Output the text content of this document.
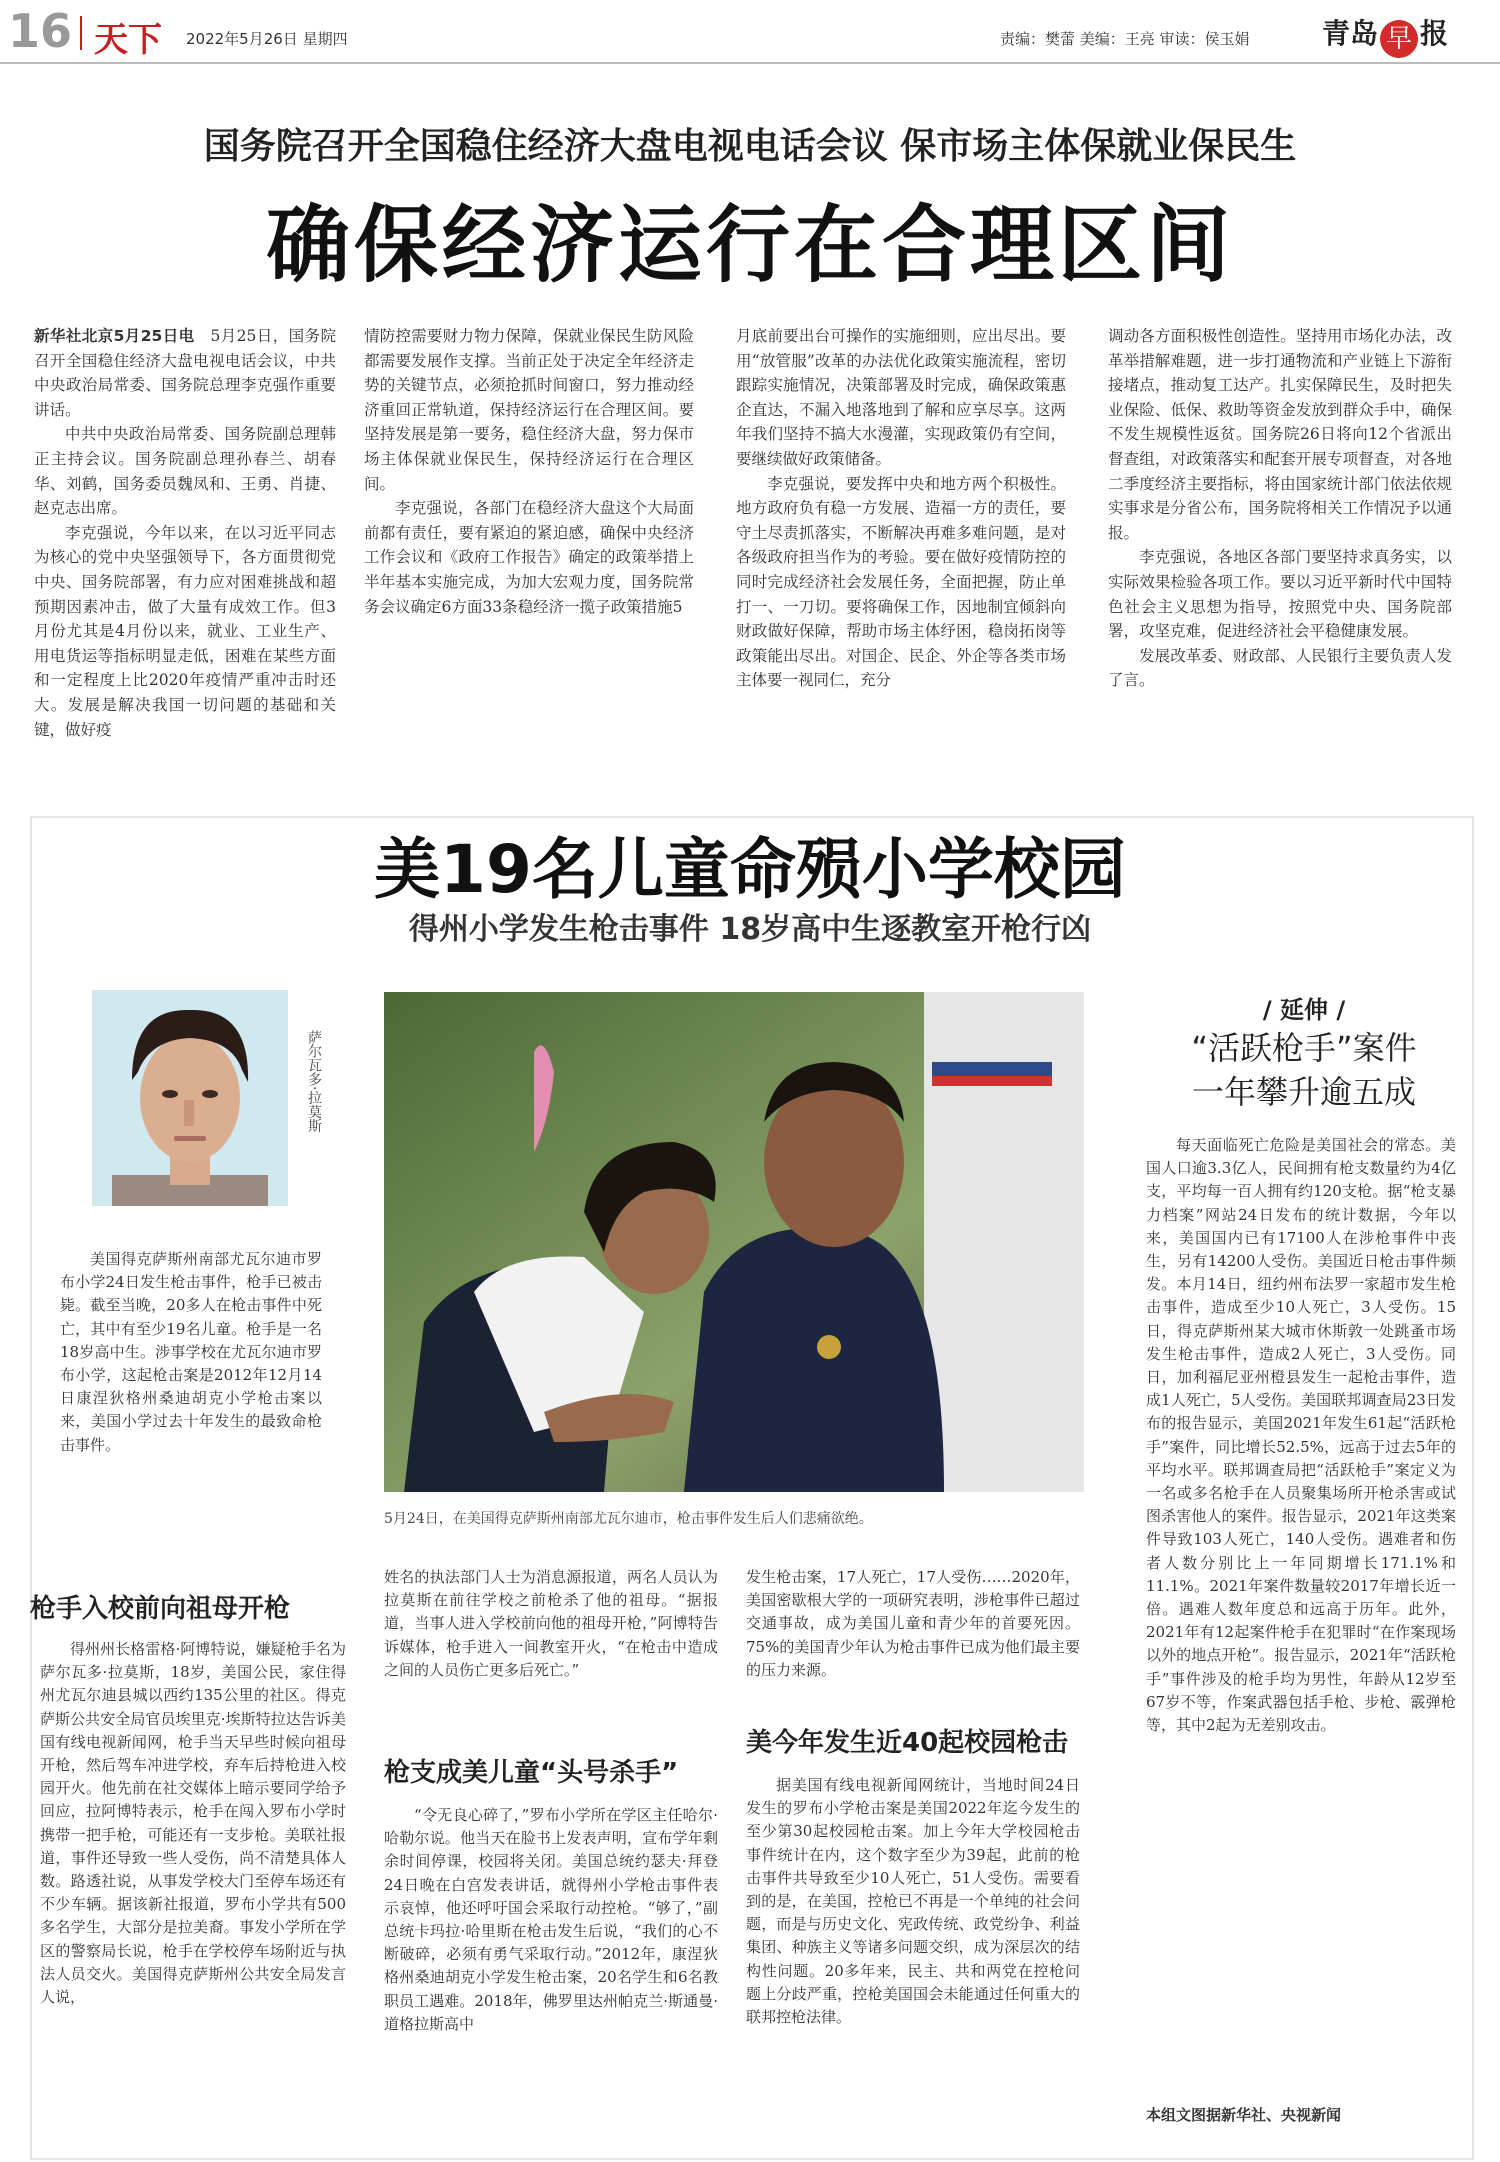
16 天下 2022年5月26日 星期四	责编：樊蕾 美编：王亮 审读：侯玉娟	青岛 早 报
国务院召开全国稳住经济大盘电视电话会议 保市场主体保就业保民生
确保经济运行在合理区间

新华社北京5月25日电　 5月25日，国务院召开全国稳住经济大盘电视电话会议，中共中央政治局常委、国务院总理李克强作重要讲话。

中共中央政治局常委、国务院副总理韩正主持会议。国务院副总理孙春兰、胡春华、刘鹤，国务委员魏凤和、王勇、肖捷、赵克志出席。

李克强说，今年以来，在以习近平同志为核心的党中央坚强领导下，各方面贯彻党中央、国务院部署，有力应对困难挑战和超预期因素冲击，做了大量有成效工作。但3月份尤其是4月份以来，就业、工业生产、用电货运等指标明显走低，困难在某些方面和一定程度上比2020年疫情严重冲击时还大。发展是解决我国一切问题的基础和关键，做好疫

情防控需要财力物力保障，保就业保民生防风险都需要发展作支撑。当前正处于决定全年经济走势的关键节点，必须抢抓时间窗口，努力推动经济重回正常轨道，保持经济运行在合理区间。要坚持发展是第一要务，稳住经济大盘，努力保市场主体保就业保民生，保持经济运行在合理区间。

李克强说，各部门在稳经济大盘这个大局面前都有责任，要有紧迫的紧迫感，确保中央经济工作会议和《政府工作报告》确定的政策举措上半年基本实施完成，为加大宏观力度，国务院常务会议确定6方面33条稳经济一揽子政策措施5

月底前要出台可操作的实施细则，应出尽出。要用“放管服”改革的办法优化政策实施流程，密切跟踪实施情况，决策部署及时完成，确保政策惠企直达，不漏入地落地到了解和应享尽享。这两年我们坚持不搞大水漫灌，实现政策仍有空间，要继续做好政策储备。

李克强说，要发挥中央和地方两个积极性。地方政府负有稳一方发展、造福一方的责任，要守土尽责抓落实，不断解决再难多难问题，是对各级政府担当作为的考验。要在做好疫情防控的同时完成经济社会发展任务，全面把握，防止单打一、一刀切。要将确保工作，因地制宜倾斜向财政做好保障，帮助市场主体纾困，稳岗拓岗等政策能出尽出。对国企、民企、外企等各类市场主体要一视同仁，充分

调动各方面积极性创造性。坚持用市场化办法，改革举措解难题，进一步打通物流和产业链上下游衔接堵点，推动复工达产。扎实保障民生，及时把失业保险、低保、救助等资金发放到群众手中，确保不发生规模性返贫。国务院26日将向12个省派出督查组，对政策落实和配套开展专项督查，对各地二季度经济主要指标，将由国家统计部门依法依规实事求是分省公布，国务院将相关工作情况予以通报。

李克强说，各地区各部门要坚持求真务实，以实际效果检验各项工作。要以习近平新时代中国特色社会主义思想为指导，按照党中央、国务院部署，攻坚克难，促进经济社会平稳健康发展。

发展改革委、财政部、人民银行主要负责人发了言。

美19名儿童命殒小学校园
得州小学发生枪击事件 18岁高中生逐教室开枪行凶
萨尔瓦多·拉莫斯
5月24日，在美国得克萨斯州南部尤瓦尔迪市，枪击事件发生后人们悲痛欲绝。

美国得克萨斯州南部尤瓦尔迪市罗布小学24日发生枪击事件，枪手已被击毙。截至当晚，20多人在枪击事件中死亡，其中有至少19名儿童。枪手是一名18岁高中生。涉事学校在尤瓦尔迪市罗布小学，这起枪击案是2012年12月14日康涅狄格州桑迪胡克小学枪击案以来，美国小学过去十年发生的最致命枪击事件。

枪手入校前向祖母开枪

得州州长格雷格·阿博特说，嫌疑枪手名为萨尔瓦多·拉莫斯，18岁，美国公民，家住得州尤瓦尔迪县城以西约135公里的社区。得克萨斯公共安全局官员埃里克·埃斯特拉达告诉美国有线电视新闻网，枪手当天早些时候向祖母开枪，然后驾车冲进学校，弃车后持枪进入校园开火。他先前在社交媒体上暗示要同学给予回应，拉阿博特表示，枪手在闯入罗布小学时携带一把手枪，可能还有一支步枪。美联社报道，事件还导致一些人受伤，尚不清楚具体人数。路透社说，从事发学校大门至停车场还有不少车辆。据该新社报道，罗布小学共有500多名学生，大部分是拉美裔。事发小学所在学区的警察局长说，枪手在学校停车场附近与执法人员交火。美国得克萨斯州公共安全局发言人说，

姓名的执法部门人士为消息源报道，两名人员认为拉莫斯在前往学校之前枪杀了他的祖母。“据报道，当事人进入学校前向他的祖母开枪，”阿博特告诉媒体，枪手进入一间教室开火，“在枪击中造成之间的人员伤亡更多后死亡。”

枪支成美儿童“头号杀手”

“令无良心碎了，”罗布小学所在学区主任哈尔·哈勒尔说。他当天在脸书上发表声明，宣布学年剩余时间停课，校园将关闭。美国总统约瑟夫·拜登24日晚在白宫发表讲话，就得州小学枪击事件表示哀悼，他还呼吁国会采取行动控枪。“够了，”副总统卡玛拉·哈里斯在枪击发生后说，“我们的心不断破碎，必须有勇气采取行动。”2012年，康涅狄格州桑迪胡克小学发生枪击案，20名学生和6名教职员工遇难。2018年，佛罗里达州帕克兰·斯通曼·道格拉斯高中

发生枪击案，17人死亡，17人受伤……2020年，美国密歇根大学的一项研究表明，涉枪事件已超过交通事故，成为美国儿童和青少年的首要死因。75%的美国青少年认为枪击事件已成为他们最主要的压力来源。

美今年发生近40起校园枪击

据美国有线电视新闻网统计，当地时间24日发生的罗布小学枪击案是美国2022年迄今发生的至少第30起校园枪击案。加上今年大学校园枪击事件统计在内，这个数字至少为39起，此前的枪击事件共导致至少10人死亡，51人受伤。需要看到的是，在美国，控枪已不再是一个单纯的社会问题，而是与历史文化、宪政传统、政党纷争、利益集团、种族主义等诸多问题交织，成为深层次的结构性问题。20多年来，民主、共和两党在控枪问题上分歧严重，控枪美国国会未能通过任何重大的联邦控枪法律。

/ 延伸 /
“活跃枪手”案件
一年攀升逾五成

每天面临死亡危险是美国社会的常态。美国人口逾3.3亿人，民间拥有枪支数量约为4亿支，平均每一百人拥有约120支枪。据“枪支暴力档案”网站24日发布的统计数据，今年以来，美国国内已有17100人在涉枪事件中丧生，另有14200人受伤。美国近日枪击事件频发。本月14日，纽约州布法罗一家超市发生枪击事件，造成至少10人死亡，3人受伤。15日，得克萨斯州某大城市休斯敦一处跳蚤市场发生枪击事件，造成2人死亡，3人受伤。同日，加利福尼亚州橙县发生一起枪击事件，造成1人死亡，5人受伤。美国联邦调查局23日发布的报告显示，美国2021年发生61起“活跃枪手”案件，同比增长52.5%，远高于过去5年的平均水平。联邦调查局把“活跃枪手”案定义为一名或多名枪手在人员聚集场所开枪杀害或试图杀害他人的案件。报告显示，2021年这类案件导致103人死亡，140人受伤。遇难者和伤者人数分别比上一年同期增长171.1%和11.1%。2021年案件数量较2017年增长近一倍。遇难人数年度总和远高于历年。此外，2021年有12起案件枪手在犯罪时“在作案现场以外的地点开枪”。报告显示，2021年“活跃枪手”事件涉及的枪手均为男性，年龄从12岁至67岁不等，作案武器包括手枪、步枪、霰弹枪等，其中2起为无差别攻击。

本组文图据新华社、央视新闻
